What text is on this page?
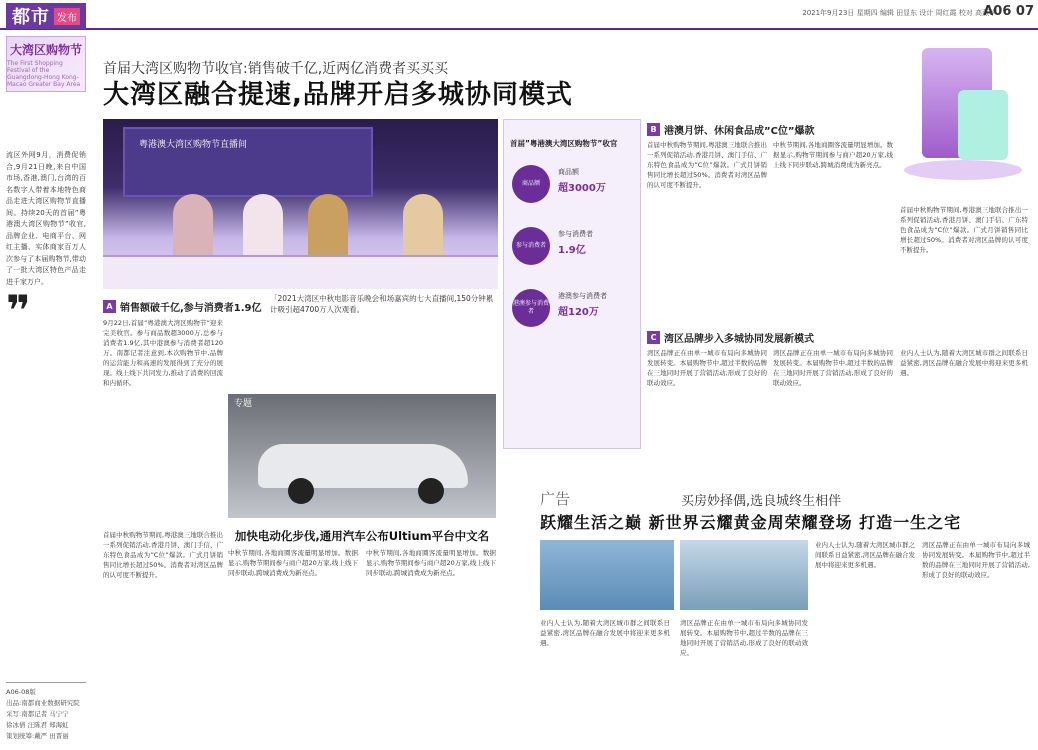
都市 发布	2021年9月23日 星期四 编辑 田显东 设计 周红霞 校对 高燕华
A06 07
大湾区购物节
The First Shopping Festival of the Guangdong-Hong Kong-Macao Greater Bay Area
流区外网9月，消费促销合,9月21日晚,来自中国市场,香港,澳门,台湾的百名数字人带着本地特色商品走进大湾区购物节直播间。持续20天的首届”粤港澳大湾区购物节”收官,品牌企业、电商平台、网红主播、实体商家百万人次参与了本届购物节,带动了一批大湾区特色产品走进千家万户。
❞
A06-08版
出品:南都商业数据研究院
采写:南都记者 马宁宁
徐冰倩 汪陈君 郑海虹
策划统筹:戴严 田晋丽
首届大湾区购物节收官:销售破千亿,近两亿消费者买买买
大湾区融合提速,品牌开启多城协同模式
粤港澳大湾区购物节直播间
「2021大湾区中秋电影音乐晚会和场嘉宾的七大直播间,150分钟累计吸引超4700万人次观看。
首届”粤港澳大湾区购物节”收官
商品额
商品额
超3000万
参与消费者
参与消费者
1.9亿
港澳参与消费者
港澳参与消费者
超120万
A 销售额破千亿,参与消费者1.9亿
9月22日,首届”粤港澳大湾区购物节”迎来完美收官。参与商品数超3000万,总参与消费者1.9亿,其中港澳参与消费者超120万。南都记者注意到,本次购物节中,品牌的运营能力和高速的发展得到了充分的展现。线上线下共同发力,推动了消费的回流和内循环。
首届中秋购物节期间,粤港澳三地联合推出一系列促销活动,香港月饼、澳门手信、广东特色食品成为”C位”爆款。广式月饼销售同比增长超过50%。消费者对湾区品牌的认可度不断提升。
专题
加快电动化步伐,通用汽车公布Ultium平台中文名
中秋节期间,各地商圈客流量明显增加。数据显示,购物节期间参与商户超20万家,线上线下同步联动,跨城消费成为新亮点。
中秋节期间,各地商圈客流量明显增加。数据显示,购物节期间参与商户超20万家,线上线下同步联动,跨城消费成为新亮点。
B 港澳月饼、休闲食品成”C位”爆款
首届中秋购物节期间,粤港澳三地联合推出一系列促销活动,香港月饼、澳门手信、广东特色食品成为”C位”爆款。广式月饼销售同比增长超过50%。消费者对湾区品牌的认可度不断提升。
中秋节期间,各地商圈客流量明显增加。数据显示,购物节期间参与商户超20万家,线上线下同步联动,跨城消费成为新亮点。
首届中秋购物节期间,粤港澳三地联合推出一系列促销活动,香港月饼、澳门手信、广东特色食品成为”C位”爆款。广式月饼销售同比增长超过50%。消费者对湾区品牌的认可度不断提升。
C 湾区品牌步入多城协同发展新模式
湾区品牌正在由单一城市布局向多城协同发展转变。本届购物节中,超过半数的品牌在三地同时开展了营销活动,形成了良好的联动效应。
湾区品牌正在由单一城市布局向多城协同发展转变。本届购物节中,超过半数的品牌在三地同时开展了营销活动,形成了良好的联动效应。
业内人士认为,随着大湾区城市群之间联系日益紧密,湾区品牌在融合发展中将迎来更多机遇。
广告	买房妙择偶,选良城终生相伴
跃耀生活之巅 新世界云耀黄金周荣耀登场 打造一生之宅
业内人士认为,随着大湾区城市群之间联系日益紧密,湾区品牌在融合发展中将迎来更多机遇。
湾区品牌正在由单一城市布局向多城协同发展转变。本届购物节中,超过半数的品牌在三地同时开展了营销活动,形成了良好的联动效应。
业内人士认为,随着大湾区城市群之间联系日益紧密,湾区品牌在融合发展中将迎来更多机遇。
湾区品牌正在由单一城市布局向多城协同发展转变。本届购物节中,超过半数的品牌在三地同时开展了营销活动,形成了良好的联动效应。
